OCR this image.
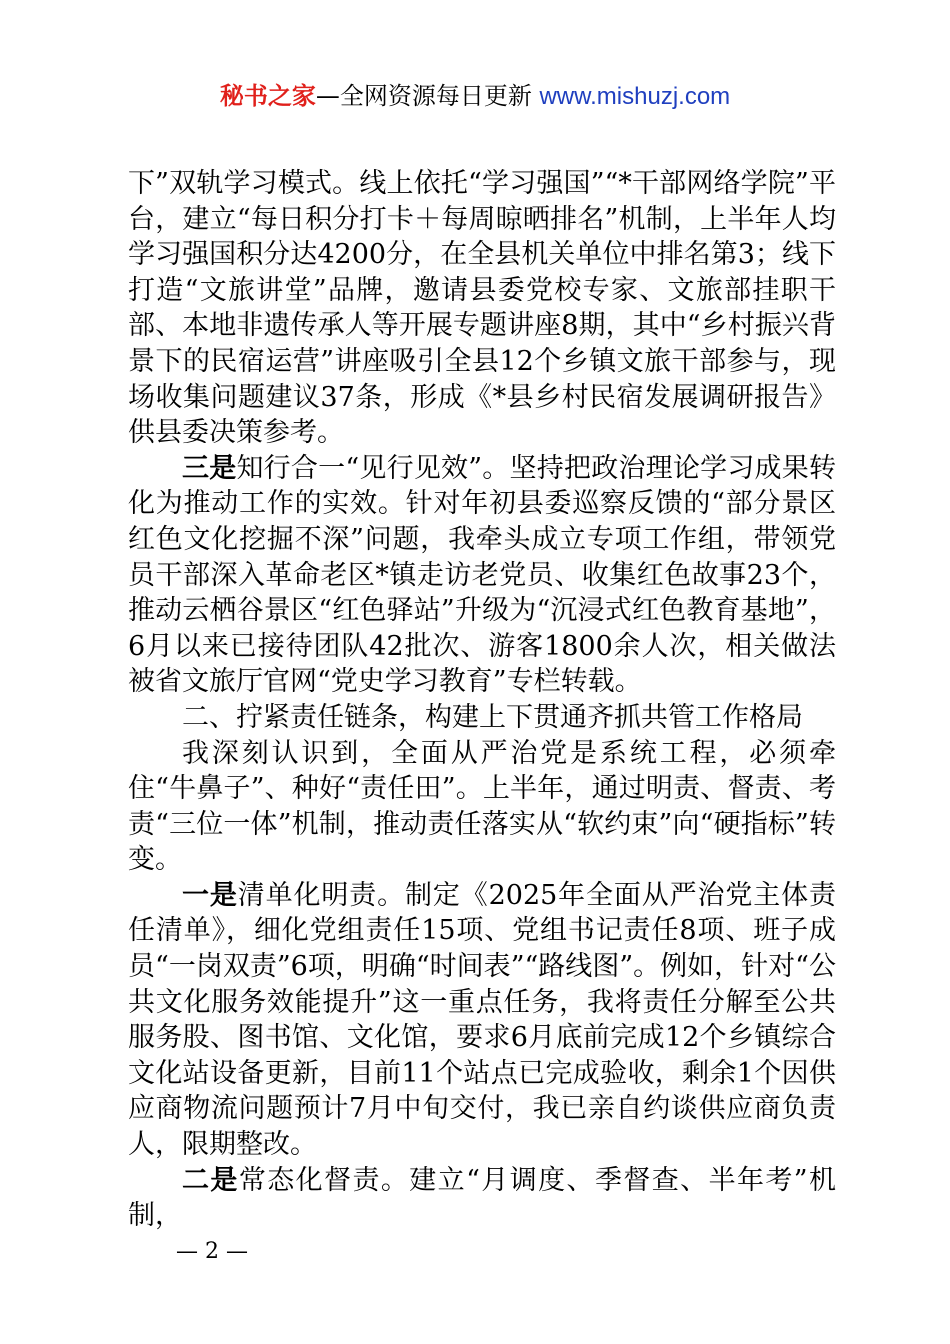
秘书之家—全网资源每日更新 www.mishuzj.com

下”双轨学习模式。线上依托“学习强国”“*干部网络学院”平台，建立“每日积分打卡＋每周晾晒排名”机制，上半年人均学习强国积分达4200分，在全县机关单位中排名第3；线下打造“文旅讲堂”品牌，邀请县委党校专家、文旅部挂职干部、本地非遗传承人等开展专题讲座8期，其中“乡村振兴背景下的民宿运营”讲座吸引全县12个乡镇文旅干部参与，现场收集问题建议37条，形成《*县乡村民宿发展调研报告》供县委决策参考。

三是知行合一“见行见效”。坚持把政治理论学习成果转化为推动工作的实效。针对年初县委巡察反馈的“部分景区红色文化挖掘不深”问题，我牵头成立专项工作组，带领党员干部深入革命老区*镇走访老党员、收集红色故事23个，推动云栖谷景区“红色驿站”升级为“沉浸式红色教育基地”，6月以来已接待团队42批次、游客1800余人次，相关做法被省文旅厅官网“党史学习教育”专栏转载。

二、拧紧责任链条，构建上下贯通齐抓共管工作格局

我深刻认识到，全面从严治党是系统工程，必须牵住“牛鼻子”、种好“责任田”。上半年，通过明责、督责、考责“三位一体”机制，推动责任落实从“软约束”向“硬指标”转变。

一是清单化明责。制定《2025年全面从严治党主体责任清单》，细化党组责任15项、党组书记责任8项、班子成员“一岗双责”6项，明确“时间表”“路线图”。例如，针对“公共文化服务效能提升”这一重点任务，我将责任分解至公共服务股、图书馆、文化馆，要求6月底前完成12个乡镇综合文化站设备更新，目前11个站点已完成验收，剩余1个因供应商物流问题预计7月中旬交付，我已亲自约谈供应商负责人，限期整改。

二是常态化督责。建立“月调度、季督查、半年考”机制，

— 2 —
